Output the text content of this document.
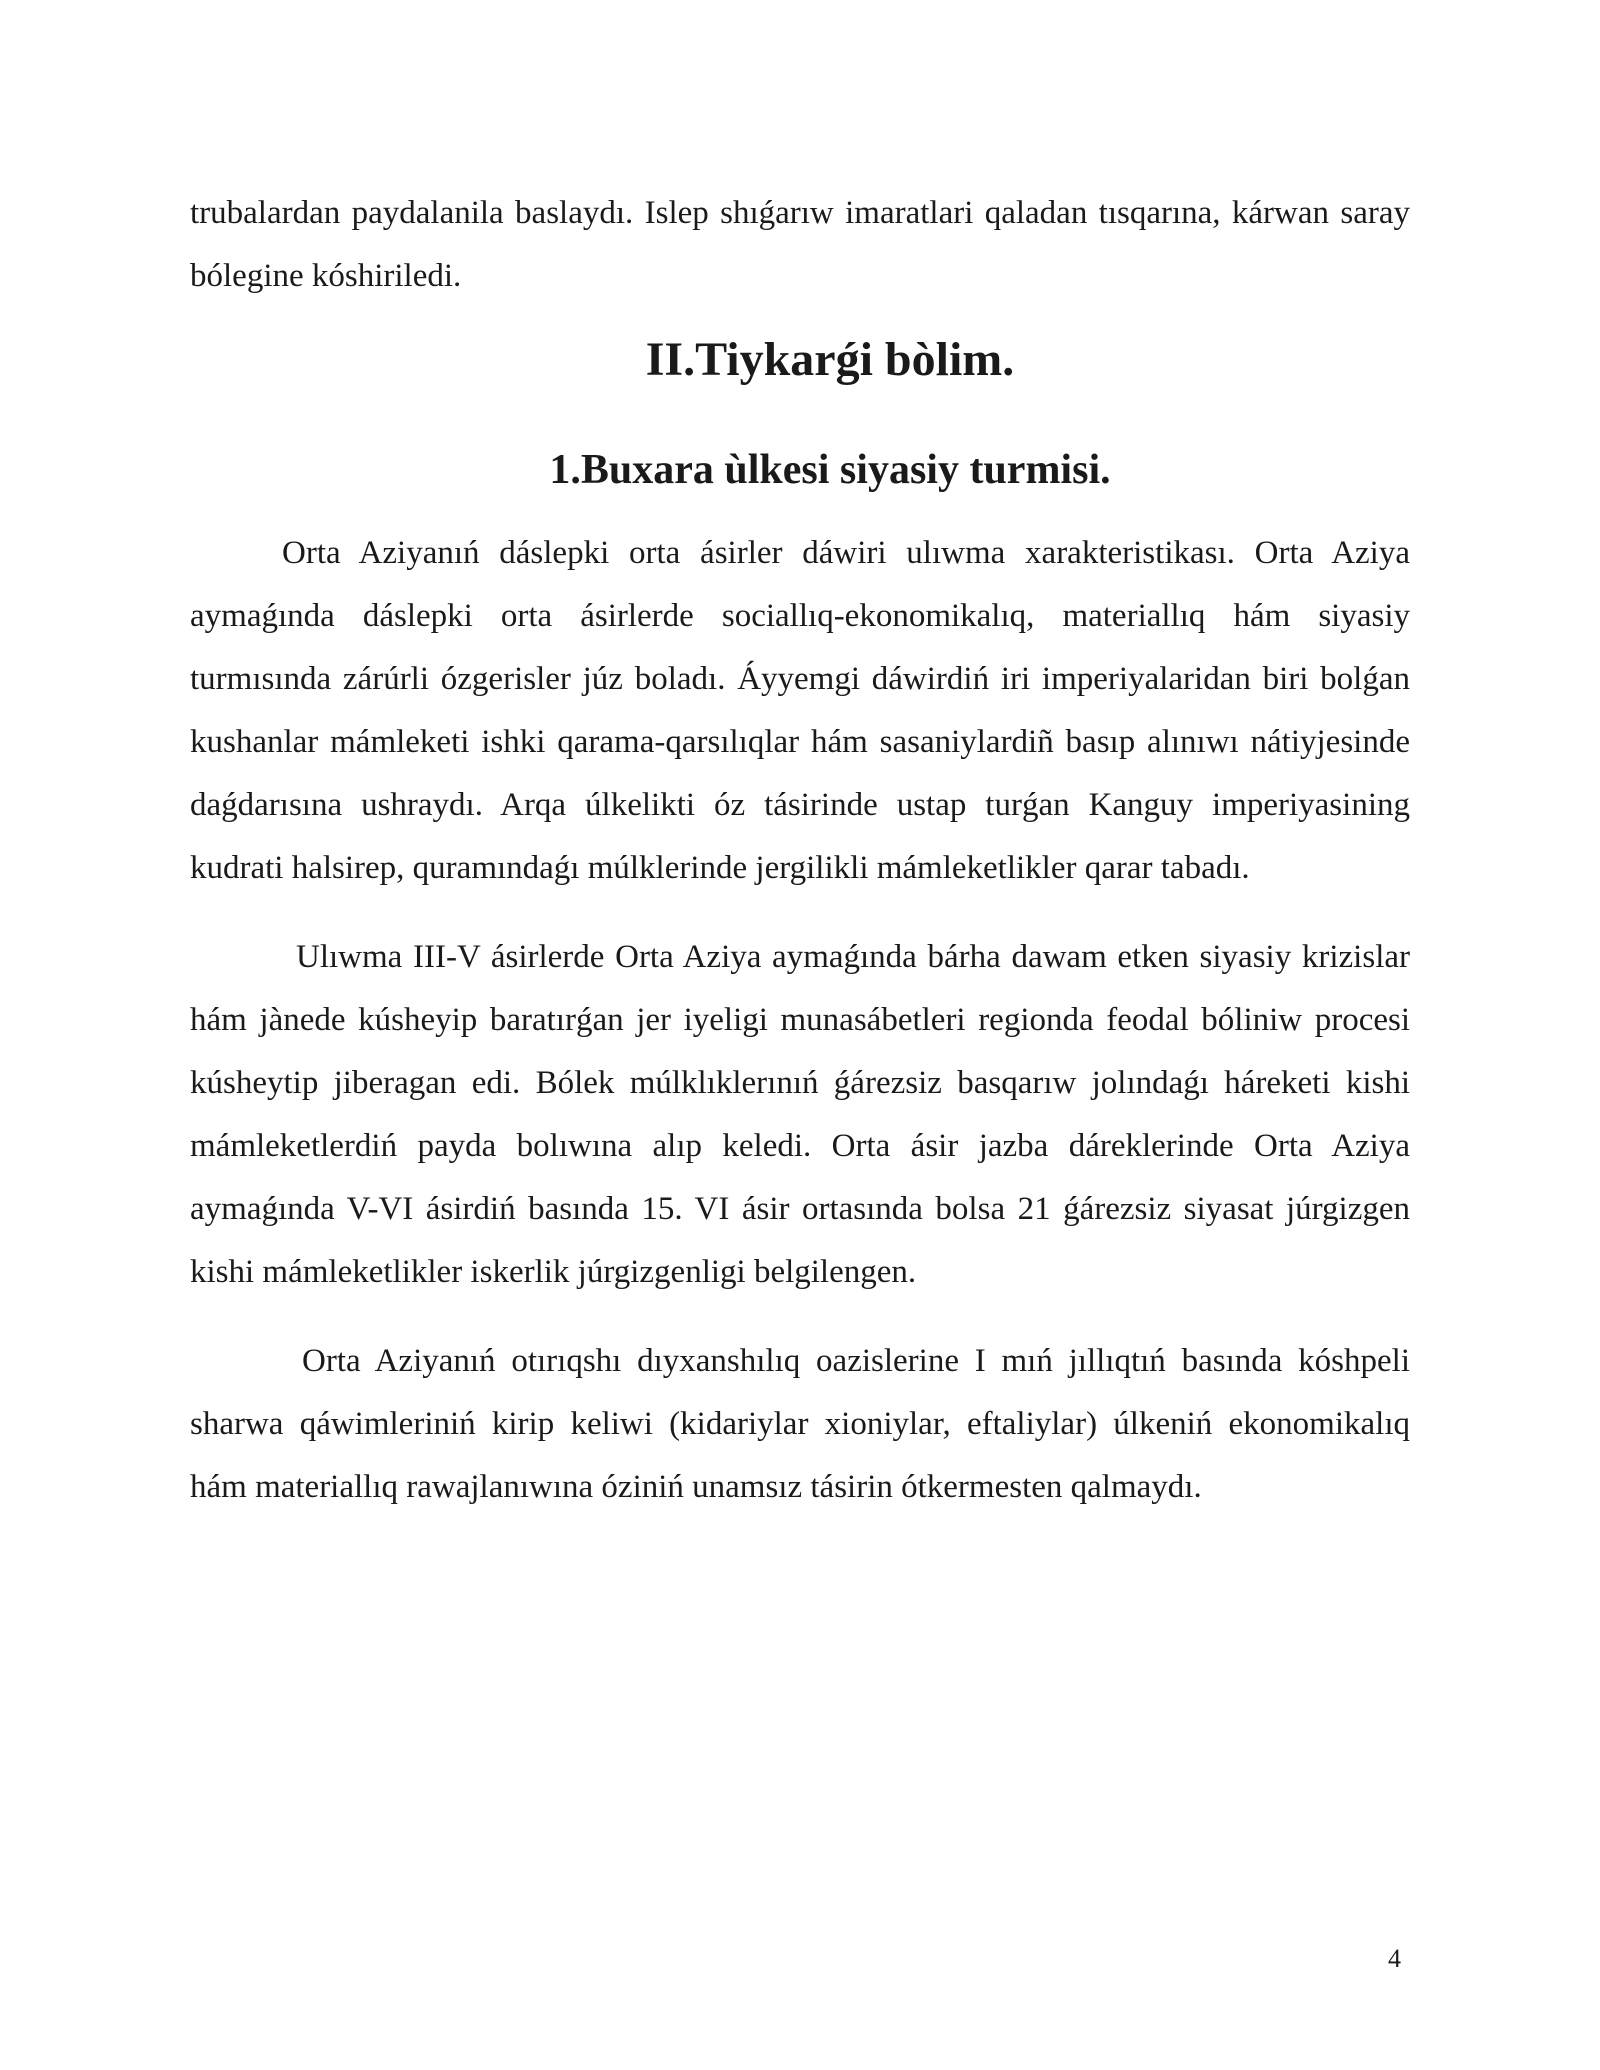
trubalardan paydalanila baslaydı. Islep shıǵarıw imaratlari qaladan tısqarına, kárwan saray bólegine kóshiriledi.

II.Tiykarǵi bòlim.
1.Buxara ùlkesi siyasiy turmisi.

Orta Aziyanıń dáslepki orta ásirler dáwiri ulıwma xarakteristikası. Orta Aziya aymaǵında dáslepki orta ásirlerde sociallıq-ekonomikalıq, materiallıq hám siyasiy turmısında zárúrli ózgerisler júz boladı. Áyyemgi dáwirdiń iri imperiyalaridan biri bolǵan kushanlar mámleketi ishki qarama-qarsılıqlar hám sasaniylardiñ basıp alınıwı nátiyjesinde daǵdarısına ushraydı. Arqa úlkelikti óz tásirinde ustap turǵan Kanguy imperiyasining kudrati halsirep, quramındaǵı múlklerinde jergilikli mámleketlikler qarar tabadı.

Ulıwma III-V ásirlerde Orta Aziya aymaǵında bárha dawam etken siyasiy krizislar hám jànede kúsheyip baratırǵan jer iyeligi munasábetleri regionda feodal bóliniw procesi kúsheytip jiberagan edi. Bólek múlklıklerınıń ǵárezsiz basqarıw jolındaǵı háreketi kishi mámleketlerdiń payda bolıwına alıp keledi. Orta ásir jazba dáreklerinde Orta Aziya aymaǵında V-VI ásirdiń basında 15. VI ásir ortasında bolsa 21 ǵárezsiz siyasat júrgizgen kishi mámleketlikler iskerlik júrgizgenligi belgilengen.

Orta Aziyanıń otırıqshı dıyxanshılıq oazislerine I mıń jıllıqtıń basında kóshpeli sharwa qáwimleriniń kirip keliwi (kidariylar xioniylar, eftaliylar) úlkeniń ekonomikalıq hám materiallıq rawajlanıwına óziniń unamsız tásirin ótkermesten qalmaydı.

4
